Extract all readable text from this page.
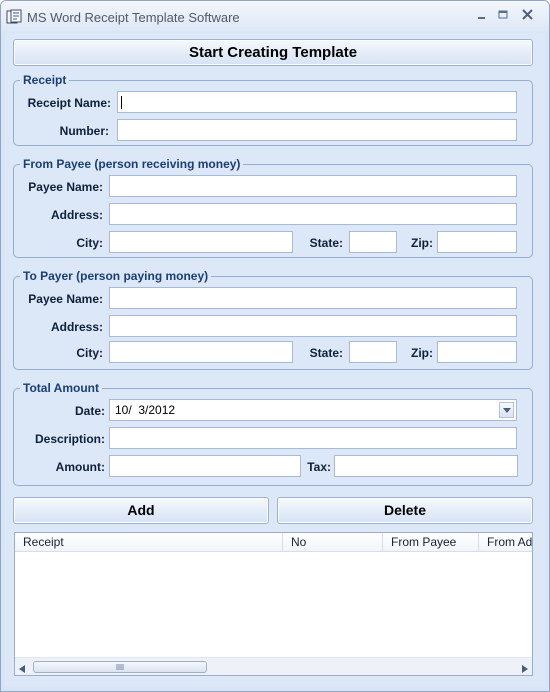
MS Word Receipt Template Software
Start Creating Template
Receipt
Receipt Name:
Number:
From Payee (person receiving money)
Payee Name:
Address:
City:	State:	Zip:
To Payer (person paying money)
Payee Name:
Address:
City:	State:	Zip:
Total Amount
Date: 10/  3/2012
Description:
Amount:	Tax:
Add	Delete
Receipt	No	From Payee	From Ad
